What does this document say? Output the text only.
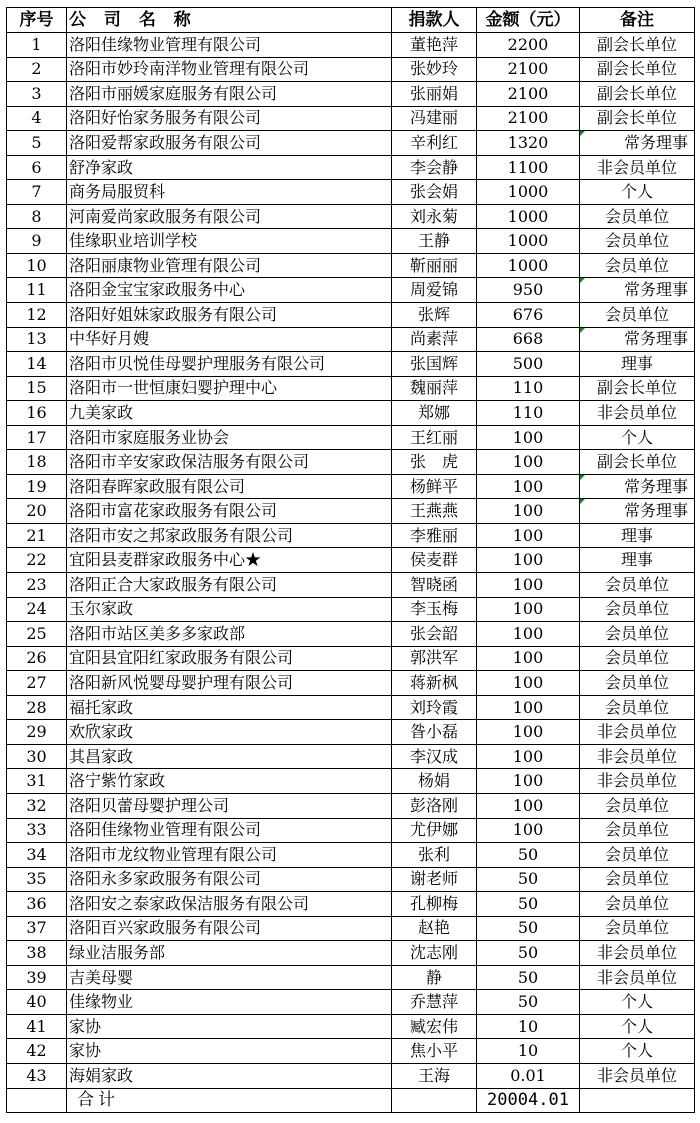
序号	公 司 名 称	捐款人	金额（元）	备注
1	洛阳佳缘物业管理有限公司	董艳萍	2200	副会长单位
2	洛阳市妙玲南洋物业管理有限公司	张妙玲	2100	副会长单位
3	洛阳市丽媛家庭服务有限公司	张丽娟	2100	副会长单位
4	洛阳好怡家务服务有限公司	冯建丽	2100	副会长单位
5	洛阳爱帮家政服务有限公司	辛利红	1320	常务理事
6	舒净家政	李会静	1100	非会员单位
7	商务局服贸科	张会娟	1000	个人
8	河南爱尚家政服务有限公司	刘永菊	1000	会员单位
9	佳缘职业培训学校	王静	1000	会员单位
10	洛阳丽康物业管理有限公司	靳丽丽	1000	会员单位
11	洛阳金宝宝家政服务中心	周爱锦	950	常务理事
12	洛阳好姐妹家政服务有限公司	张辉	676	会员单位
13	中华好月嫂	尚素萍	668	常务理事
14	洛阳市贝悦佳母婴护理服务有限公司	张国辉	500	理事
15	洛阳市一世恒康妇婴护理中心	魏丽萍	110	副会长单位
16	九美家政	郑娜	110	非会员单位
17	洛阳市家庭服务业协会	王红丽	100	个人
18	洛阳市辛安家政保洁服务有限公司	张　虎	100	副会长单位
19	洛阳春晖家政服有限公司	杨鲜平	100	常务理事
20	洛阳市富花家政服务有限公司	王燕燕	100	常务理事
21	洛阳市安之邦家政服务有限公司	李雅丽	100	理事
22	宜阳县麦群家政服务中心★	侯麦群	100	理事
23	洛阳正合大家政服务有限公司	智晓函	100	会员单位
24	玉尔家政	李玉梅	100	会员单位
25	洛阳市站区美多多家政部	张会韶	100	会员单位
26	宜阳县宜阳红家政服务有限公司	郭洪军	100	会员单位
27	洛阳新风悦婴母婴护理有限公司	蒋新枫	100	会员单位
28	福托家政	刘玲霞	100	会员单位
29	欢欣家政	昝小磊	100	非会员单位
30	其昌家政	李汉成	100	非会员单位
31	洛宁紫竹家政	杨娟	100	非会员单位
32	洛阳贝蕾母婴护理公司	彭洛刚	100	会员单位
33	洛阳佳缘物业管理有限公司	尤伊娜	100	会员单位
34	洛阳市龙纹物业管理有限公司	张利	50	会员单位
35	洛阳永多家政服务有限公司	谢老师	50	会员单位
36	洛阳安之泰家政保洁服务有限公司	孔柳梅	50	会员单位
37	洛阳百兴家政服务有限公司	赵艳	50	会员单位
38	绿业洁服务部	沈志刚	50	非会员单位
39	吉美母婴	静	50	非会员单位
40	佳缘物业	乔慧萍	50	个人
41	家协	臧宏伟	10	个人
42	家协	焦小平	10	个人
43	海娟家政	王海	0.01	非会员单位
	合计		20004.01	
